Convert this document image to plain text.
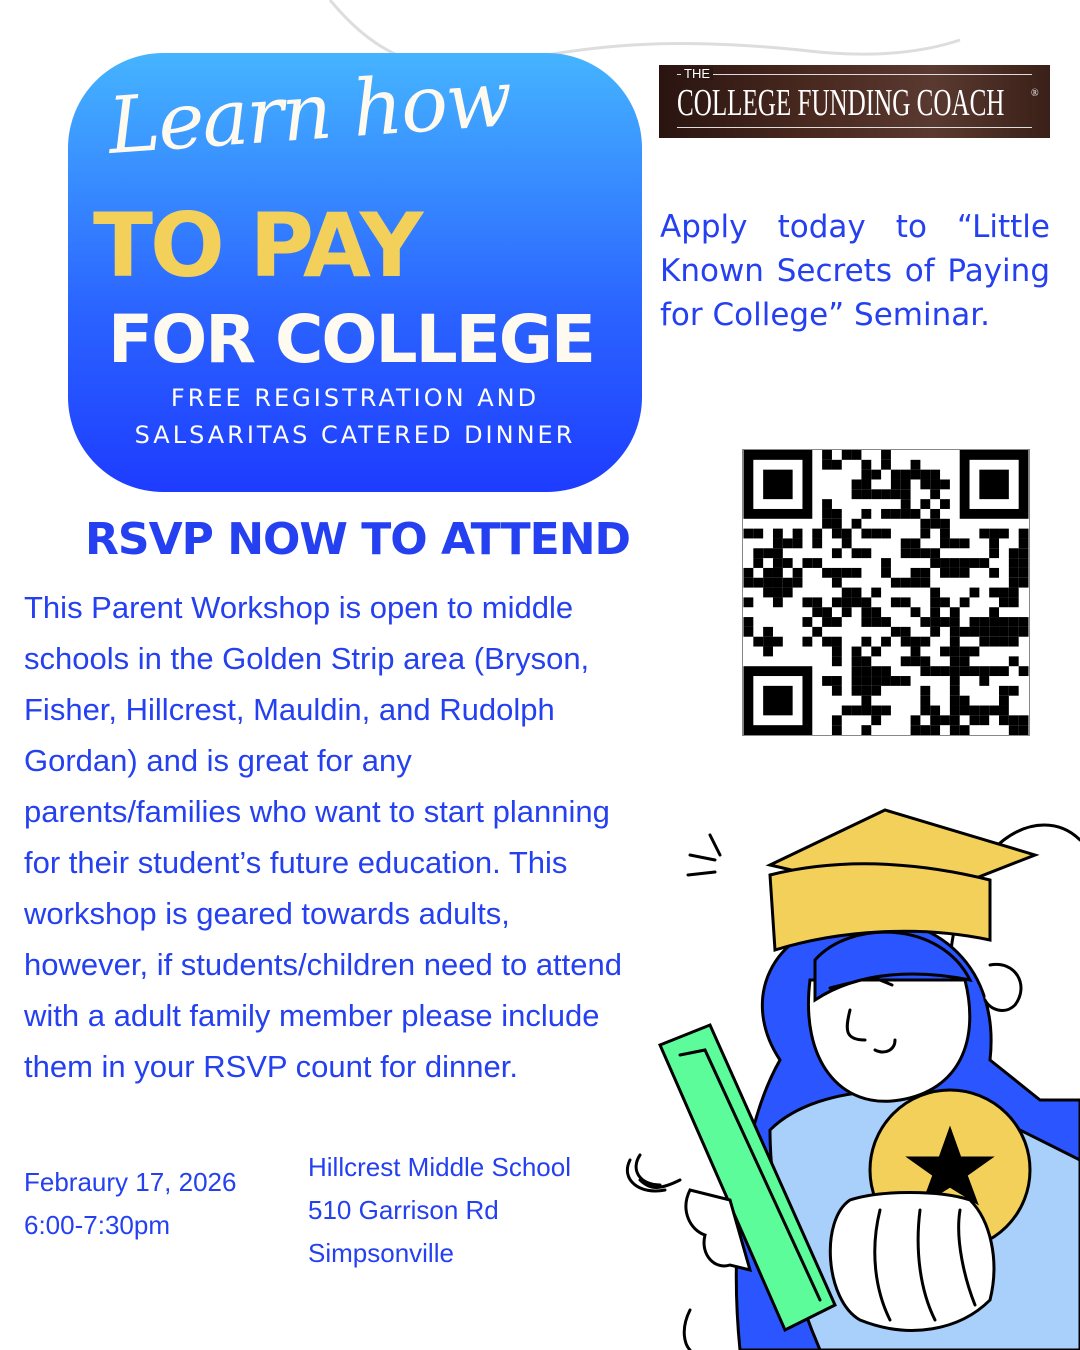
Learn how
TO PAY
FOR COLLEGE
FREE REGISTRATION AND
SALSARITAS CATERED DINNER
THE
COLLEGE FUNDING COACH	®
Apply today to “Little Known Secrets of Paying for College” Seminar.
RSVP NOW TO ATTEND
This Parent Workshop is open to middle
schools in the Golden Strip area (Bryson,
Fisher, Hillcrest, Mauldin, and Rudolph
Gordan) and is great for any
parents/families who want to start planning
for their student’s future education. This
workshop is geared towards adults,
however, if students/children need to attend
with a adult family member please include
them in your RSVP count for dinner.
Febraury 17, 2026
6:00-7:30pm
Hillcrest Middle School
510 Garrison Rd
Simpsonville
